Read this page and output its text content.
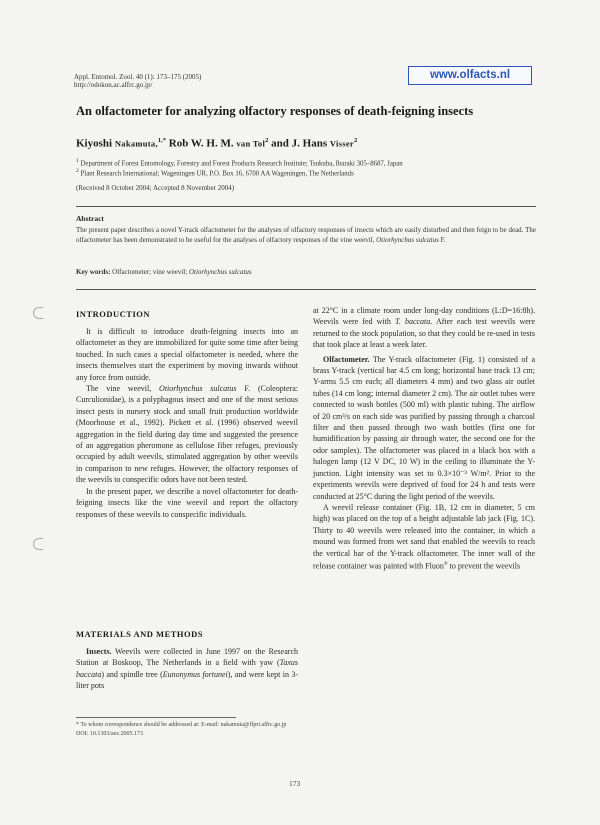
Appl. Entomol. Zool. 40 (1): 173–175 (2005)
http://odokon.ac.affrc.go.jp/
www.olfacts.nl
An olfactometer for analyzing olfactory responses of death-feigning insects
Kiyoshi Nakamuta,$^{1,*}$ Rob W. H. M. van Tol$^2$ and J. Hans Visser$^2$
$^1$ Department of Forest Entomology, Forestry and Forest Products Research Institute; Tsukuba, Ibaraki 305–8687, Japan
$^2$ Plant Research International; Wageningen UR, P.O. Box 16, 6700 AA Wageningen, The Netherlands
(Received 8 October 2004; Accepted 8 November 2004)
Abstract
The present paper describes a novel Y-track olfactometer for the analyses of olfactory responses of insects which are easily disturbed and then feign to be dead. The olfactometer has been demonstrated to be useful for the analyses of olfactory responses of the vine weevil, Otiorhynchus sulcatus F.
Key words: Olfactometer; vine weevil; Otiorhynchus sulcatus
INTRODUCTION

It is difficult to introduce death-feigning insects into an olfactometer as they are immobilized for quite some time after being touched. In such cases a special olfactometer is needed, where the insects themselves start the experiment by moving inwards without any force from outside.

The vine weevil, Otiorhynchus sulcatus F. (Coleoptera: Curculionidae), is a polyphagous insect and one of the most serious insect pests in nursery stock and small fruit production worldwide (Moorhouse et al., 1992). Pickett et al. (1996) observed weevil aggregation in the field during day time and suggested the presence of an aggregation pheromone as cellulose fiber refuges, previously occupied by adult weevils, stimulated aggregation by other weevils in comparison to new refuges. However, the olfactory responses of the weevils to conspecific odors have not been tested.

In the present paper, we describe a novel olfactometer for death-feigning insects like the vine weevil and report the olfactory responses of these weevils to conspecific individuals.

MATERIALS AND METHODS

Insects. Weevils were collected in June 1997 on the Research Station at Boskoop, The Netherlands in a field with yaw (Taxus baccata) and spindle tree (Eunonymus fortunei), and were kept in 3-liter pots

at 22°C in a climate room under long-day conditions (L:D=16:8h). Weevils were fed with T. baccata. After each test weevils were returned to the stock population, so that they could be re-used in tests that took place at least a week later.

Olfactometer. The Y-track olfactometer (Fig. 1) consisted of a brass Y-track (vertical bar 4.5 cm long; horizontal base track 13 cm; Y-arms 5.5 cm each; all diameters 4 mm) and two glass air outlet tubes (14 cm long; internal diameter 2 cm). The air outlet tubes were connected to wash bottles (500 ml) with plastic tubing. The airflow of 20 cm³/s on each side was purified by passing through a charcoal filter and then passed through two wash bottles (first one for humidification by passing air through water, the second one for the odor samples). The olfactometer was placed in a black box with a halogen lamp (12 V DC, 10 W) in the ceiling to illuminate the Y-junction. Light intensity was set to 0.3×10⁻³ W/m². Prior to the experiments weevils were deprived of food for 24 h and tests were conducted at 25°C during the light period of the weevils.

A weevil release container (Fig. 1B, 12 cm in diameter, 5 cm high) was placed on the top of a height adjustable lab jack (Fig. 1C). Thirty to 40 weevils were released into the container, in which a mound was formed from wet sand that enabled the weevils to reach the vertical bar of the Y-track olfactometer. The inner wall of the release container was painted with Fluon® to prevent the weevils

* To whom correspondence should be addressed at: E-mail: nakamuta@ffpri.affrc.go.jp
DOI: 10.1303/aez.2005.173
173
